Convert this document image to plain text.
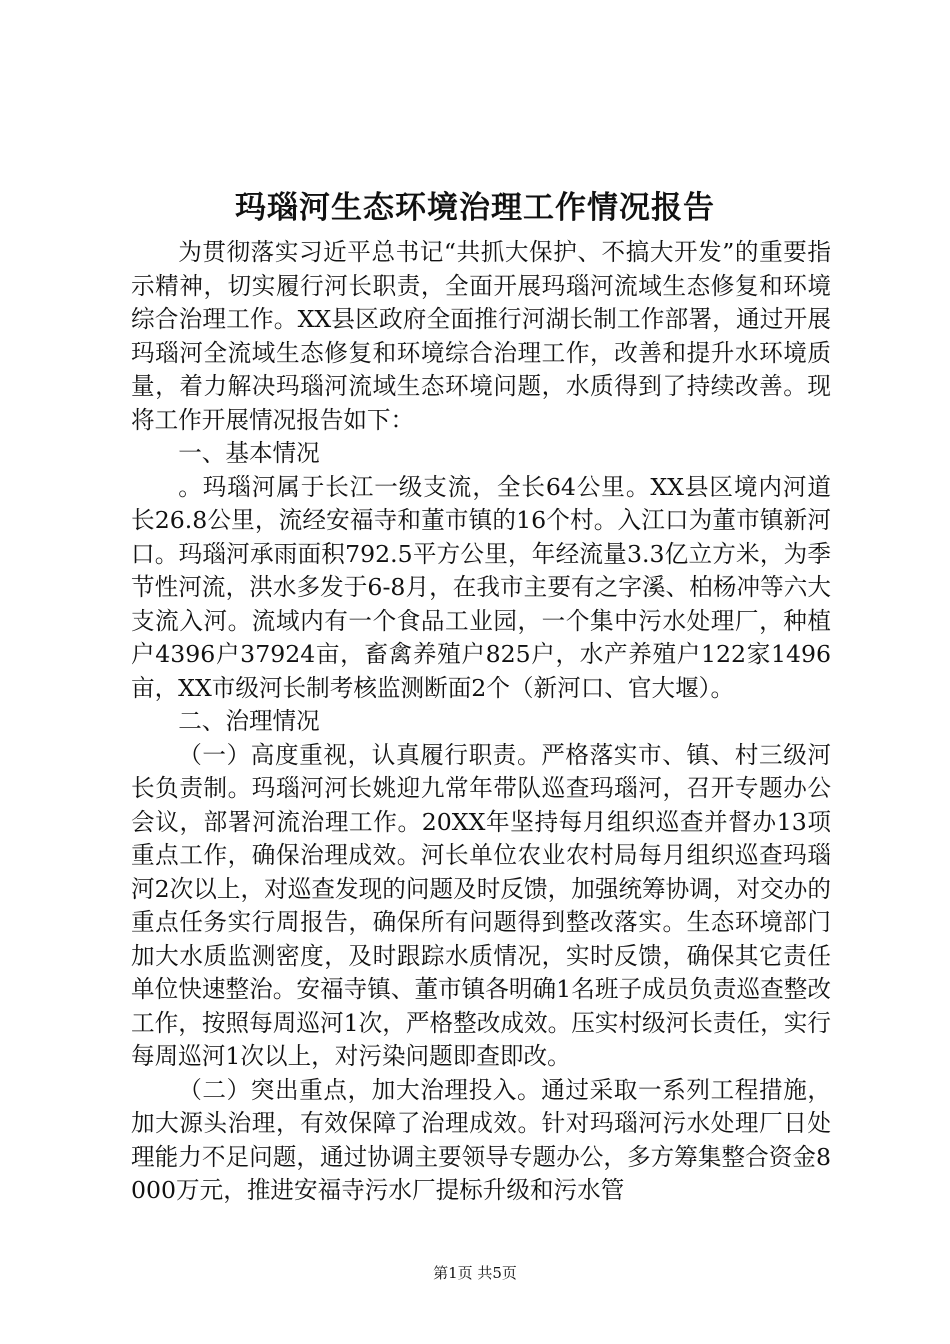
玛瑙河生态环境治理工作情况报告

为贯彻落实习近平总书记“共抓大保护、不搞大开发”的重要指示精神，切实履行河长职责，全面开展玛瑙河流域生态修复和环境综合治理工作。XX县区政府全面推行河湖长制工作部署，通过开展玛瑙河全流域生态修复和环境综合治理工作，改善和提升水环境质量，着力解决玛瑙河流域生态环境问题，水质得到了持续改善。现将工作开展情况报告如下：

一、基本情况

。玛瑙河属于长江一级支流，全长64公里。XX县区境内河道长26.8公里，流经安福寺和董市镇的16个村。入江口为董市镇新河口。玛瑙河承雨面积792.5平方公里，年经流量3.3亿立方米，为季节性河流，洪水多发于6-8月，在我市主要有之字溪、柏杨冲等六大支流入河。流域内有一个食品工业园，一个集中污水处理厂，种植户4396户37924亩，畜禽养殖户825户，水产养殖户122家1496亩，XX市级河长制考核监测断面2个（新河口、官大堰）。

二、治理情况

（一）高度重视，认真履行职责。严格落实市、镇、村三级河长负责制。玛瑙河河长姚迎九常年带队巡查玛瑙河，召开专题办公会议，部署河流治理工作。20XX年坚持每月组织巡查并督办13项重点工作，确保治理成效。河长单位农业农村局每月组织巡查玛瑙河2次以上，对巡查发现的问题及时反馈，加强统筹协调，对交办的重点任务实行周报告，确保所有问题得到整改落实。生态环境部门加大水质监测密度，及时跟踪水质情况，实时反馈，确保其它责任单位快速整治。安福寺镇、董市镇各明确1名班子成员负责巡查整改工作，按照每周巡河1次，严格整改成效。压实村级河长责任，实行每周巡河1次以上，对污染问题即查即改。

（二）突出重点，加大治理投入。通过采取一系列工程措施，加大源头治理，有效保障了治理成效。针对玛瑙河污水处理厂日处理能力不足问题，通过协调主要领导专题办公，多方筹集整合资金8000万元，推进安福寺污水厂提标升级和污水管

第1页 共5页
